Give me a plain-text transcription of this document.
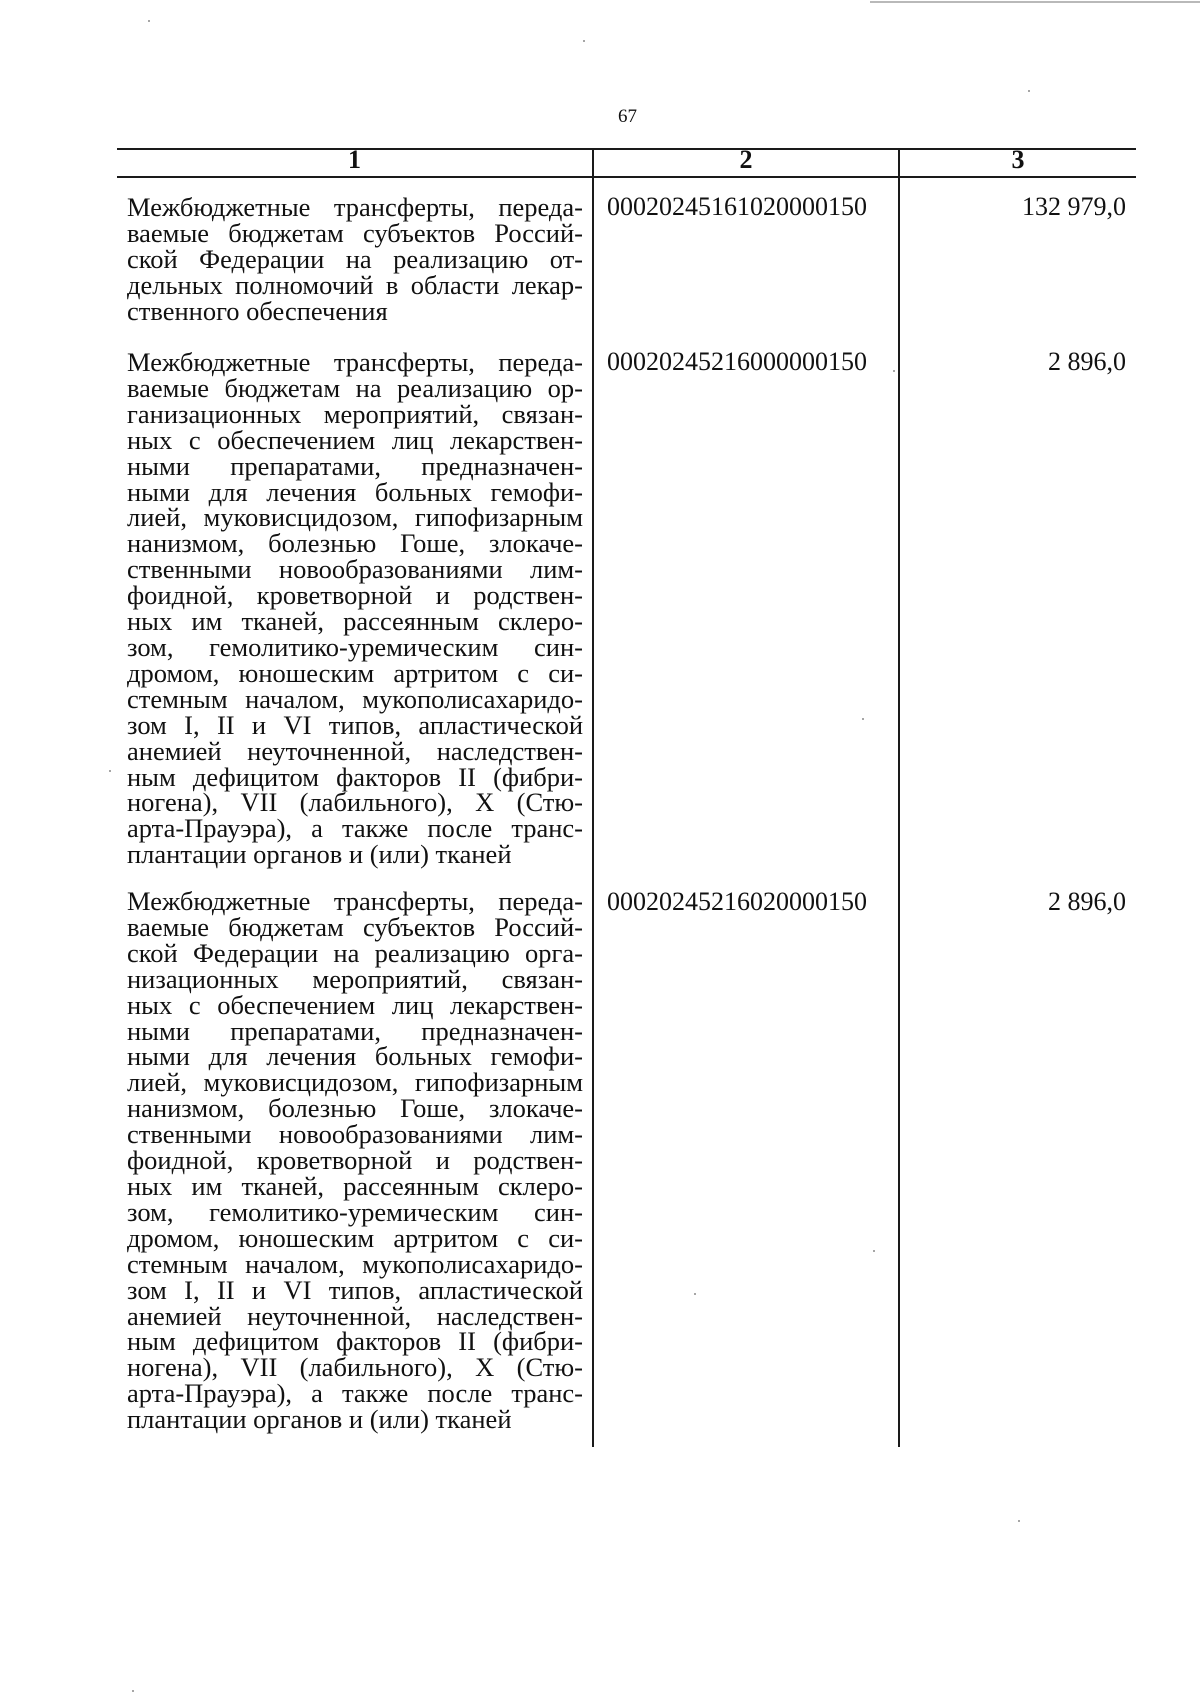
67
1	2	3
Межбюджетные трансферты, переда-
ваемые бюджетам субъектов Россий-
ской Федерации на реализацию от-
дельных полномочий в области лекар-
ственного обеспечения
00020245161020000150	132 979,0
Межбюджетные трансферты, переда-
ваемые бюджетам на реализацию ор-
ганизационных мероприятий, связан-
ных с обеспечением лиц лекарствен-
ными препаратами, предназначен-
ными для лечения больных гемофи-
лией, муковисцидозом, гипофизарным
нанизмом, болезнью Гоше, злокаче-
ственными новообразованиями лим-
фоидной, кроветворной и родствен-
ных им тканей, рассеянным склеро-
зом, гемолитико-уремическим син-
дромом, юношеским артритом с си-
стемным началом, мукополисахаридо-
зом I, II и VI типов, апластической
анемией неуточненной, наследствен-
ным дефицитом факторов II (фибри-
ногена), VII (лабильного), X (Стю-
арта-Прауэра), а также после транс-
плантации органов и (или) тканей
00020245216000000150	2 896,0
Межбюджетные трансферты, переда-
ваемые бюджетам субъектов Россий-
ской Федерации на реализацию орга-
низационных мероприятий, связан-
ных с обеспечением лиц лекарствен-
ными препаратами, предназначен-
ными для лечения больных гемофи-
лией, муковисцидозом, гипофизарным
нанизмом, болезнью Гоше, злокаче-
ственными новообразованиями лим-
фоидной, кроветворной и родствен-
ных им тканей, рассеянным склеро-
зом, гемолитико-уремическим син-
дромом, юношеским артритом с си-
стемным началом, мукополисахаридо-
зом I, II и VI типов, апластической
анемией неуточненной, наследствен-
ным дефицитом факторов II (фибри-
ногена), VII (лабильного), X (Стю-
арта-Прауэра), а также после транс-
плантации органов и (или) тканей
00020245216020000150	2 896,0
